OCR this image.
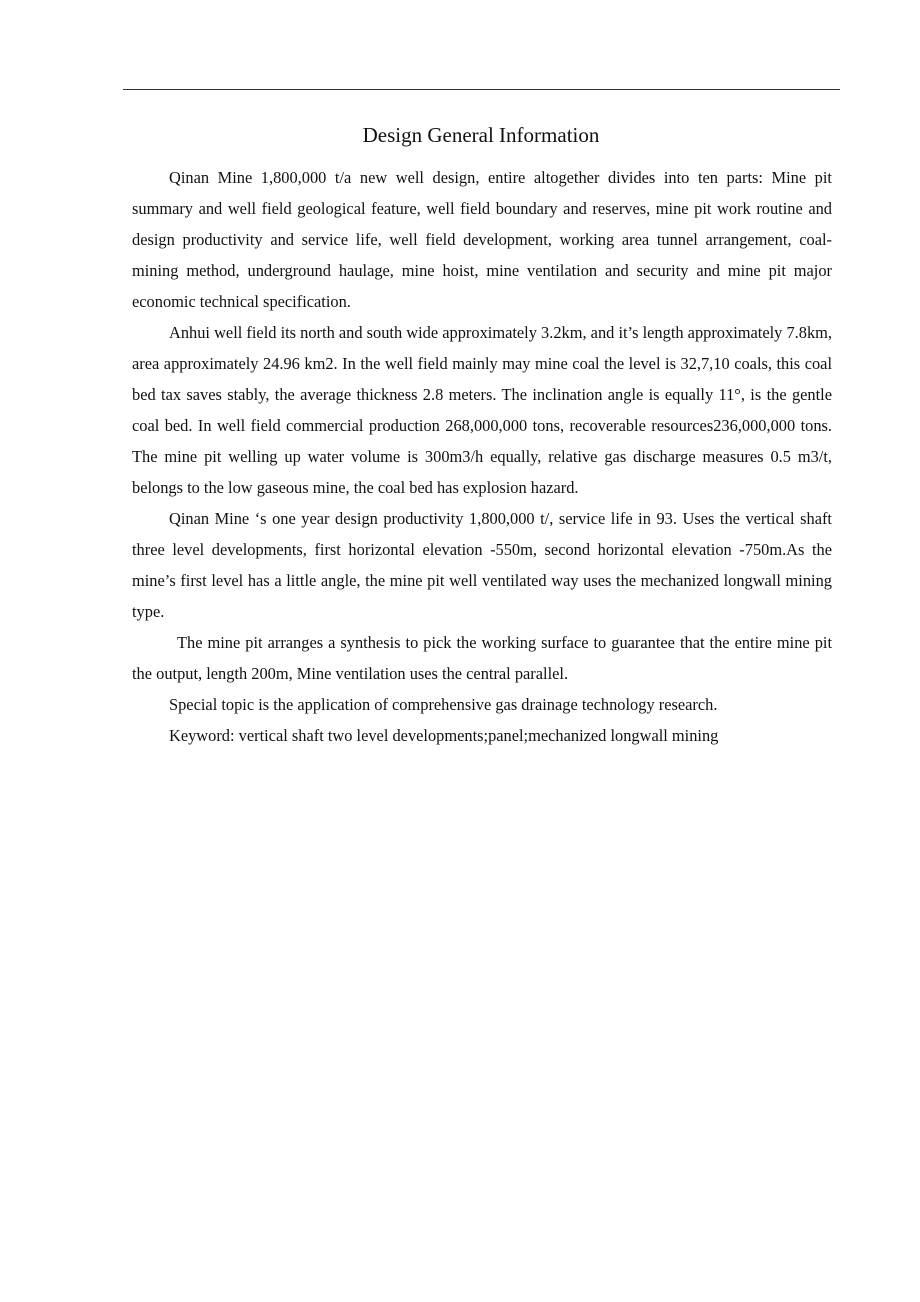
Design General Information

Qinan Mine 1,800,000 t/a new well design, entire altogether divides into ten parts: Mine pit summary and well field geological feature, well field boundary and reserves, mine pit work routine and design productivity and service life, well field development, working area tunnel arrangement, coal-mining method, underground haulage, mine hoist, mine ventilation and security and mine pit major economic technical specification.

Anhui well field its north and south wide approximately 3.2km, and it’s length approximately 7.8km, area approximately 24.96 km2. In the well field mainly may mine coal the level is 32,7,10 coals, this coal bed tax saves stably, the average thickness 2.8 meters. The inclination angle is equally 11°, is the gentle coal bed. In well field commercial production 268,000,000 tons, recoverable resources236,000,000 tons. The mine pit welling up water volume is 300m3/h equally, relative gas discharge measures 0.5 m3/t, belongs to the low gaseous mine, the coal bed has explosion hazard.

Qinan Mine ‘s one year design productivity 1,800,000 t/, service life in 93. Uses the vertical shaft three level developments, first horizontal elevation -550m, second horizontal elevation -750m.As the mine’s first level has a little angle, the mine pit well ventilated way uses the mechanized longwall mining type.

The mine pit arranges a synthesis to pick the working surface to guarantee that the entire mine pit the output, length 200m, Mine ventilation uses the central parallel.

Special topic is the application of comprehensive gas drainage technology research.

Keyword: vertical shaft two level developments;panel;mechanized longwall mining
